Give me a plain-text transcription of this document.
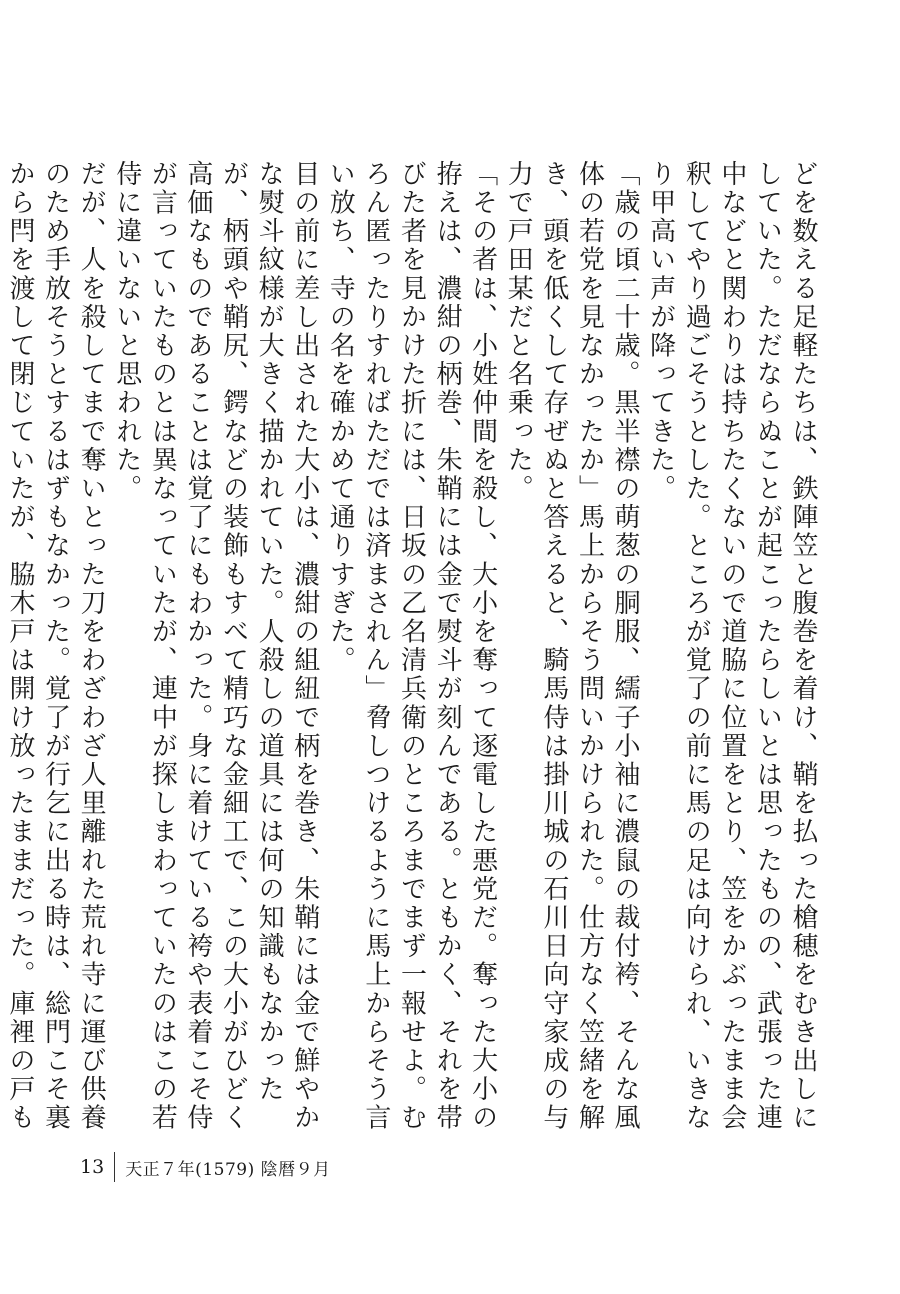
どを数える足軽たちは、鉄陣笠と腹巻を着け、鞘を払った槍穂をむき出しにしていた。ただならぬことが起こったらしいとは思ったものの、武張った連中などと関わりは持ちたくないので道脇に位置をとり、笠をかぶったまま会釈してやり過ごそうとした。ところが覚了の前に馬の足は向けられ、いきなり甲高い声が降ってきた。
「歳の頃二十歳。黒半襟の萌葱の胴服、繻子小袖に濃鼠の裁付袴、そんな風体の若党を見なかったか」馬上からそう問いかけられた。仕方なく笠緒を解き、頭を低くして存ぜぬと答えると、騎馬侍は掛川城の石川日向守家成の与力で戸田某だと名乗った。
「その者は、小姓仲間を殺し、大小を奪って逐電した悪党だ。奪った大小の拵えは、濃紺の柄巻、朱鞘には金で熨斗が刻んである。ともかく、それを帯びた者を見かけた折には、日坂の乙名清兵衛のところまでまず一報せよ。むろん匿ったりすればただでは済まされん」脅しつけるように馬上からそう言い放ち、寺の名を確かめて通りすぎた。
目の前に差し出された大小は、濃紺の組紐で柄を巻き、朱鞘には金で鮮やかな熨斗紋様が大きく描かれていた。人殺しの道具には何の知識もなかったが、柄頭や鞘尻、鍔などの装飾もすべて精巧な金細工で、この大小がひどく高価なものであることは覚了にもわかった。身に着けている袴や表着こそ侍が言っていたものとは異なっていたが、連中が探しまわっていたのはこの若侍に違いないと思われた。
だが、人を殺してまで奪いとった刀をわざわざ人里離れた荒れ寺に運び供養のため手放そうとするはずもなかった。覚了が行乞に出る時は、総門こそ裏から閂を渡して閉じていたが、脇木戸は開け放ったままだった。庫裡の戸も
13	天正７年(1579) 陰暦９月
